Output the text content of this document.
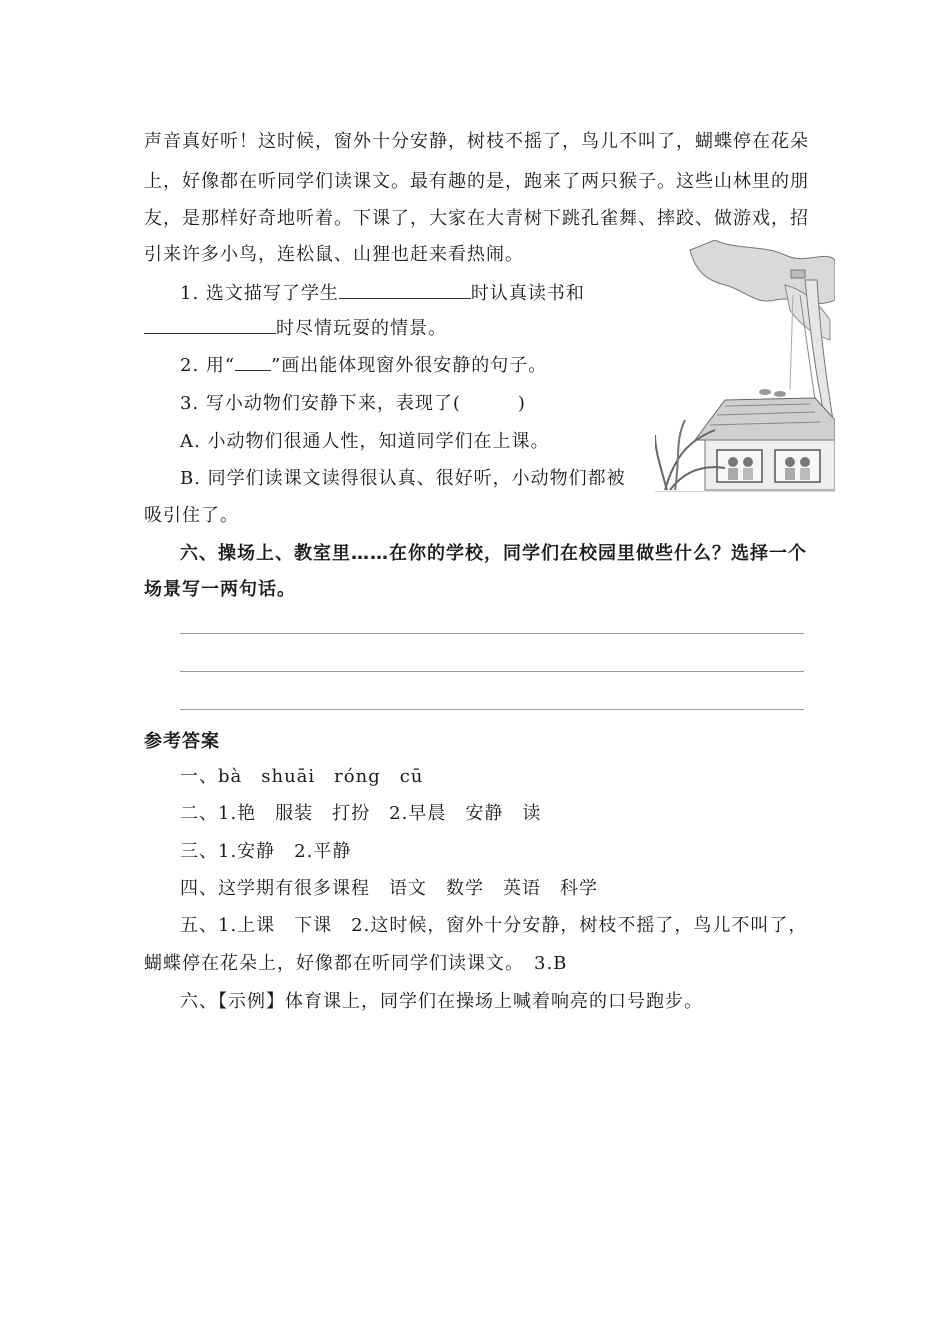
声音真好听！这时候，窗外十分安静，树枝不摇了，鸟儿不叫了，蝴蝶停在花朵
上，好像都在听同学们读课文。最有趣的是，跑来了两只猴子。这些山林里的朋
友，是那样好奇地听着。下课了，大家在大青树下跳孔雀舞、摔跤、做游戏，招
引来许多小鸟，连松鼠、山狸也赶来看热闹。
1. 选文描写了学生	时认真读书和
时尽情玩耍的情景。
2. 用“ ”画出能体现窗外很安静的句子。
3. 写小动物们安静下来，表现了(　　　)
A. 小动物们很通人性，知道同学们在上课。
B. 同学们读课文读得很认真、很好听，小动物们都被
吸引住了。
六、操场上、教室里……在你的学校，同学们在校园里做些什么？选择一个
场景写一两句话。
参考答案
一、bà　shuāi　róng　cū
二、1.艳　服装　打扮　2.早晨　安静　读
三、1.安静　2.平静
四、这学期有很多课程　语文　数学　英语　科学
五、1.上课　下课　2.这时候，窗外十分安静，树枝不摇了，鸟儿不叫了，
蝴蝶停在花朵上，好像都在听同学们读课文。　3.B
六、【示例】体育课上，同学们在操场上喊着响亮的口号跑步。
